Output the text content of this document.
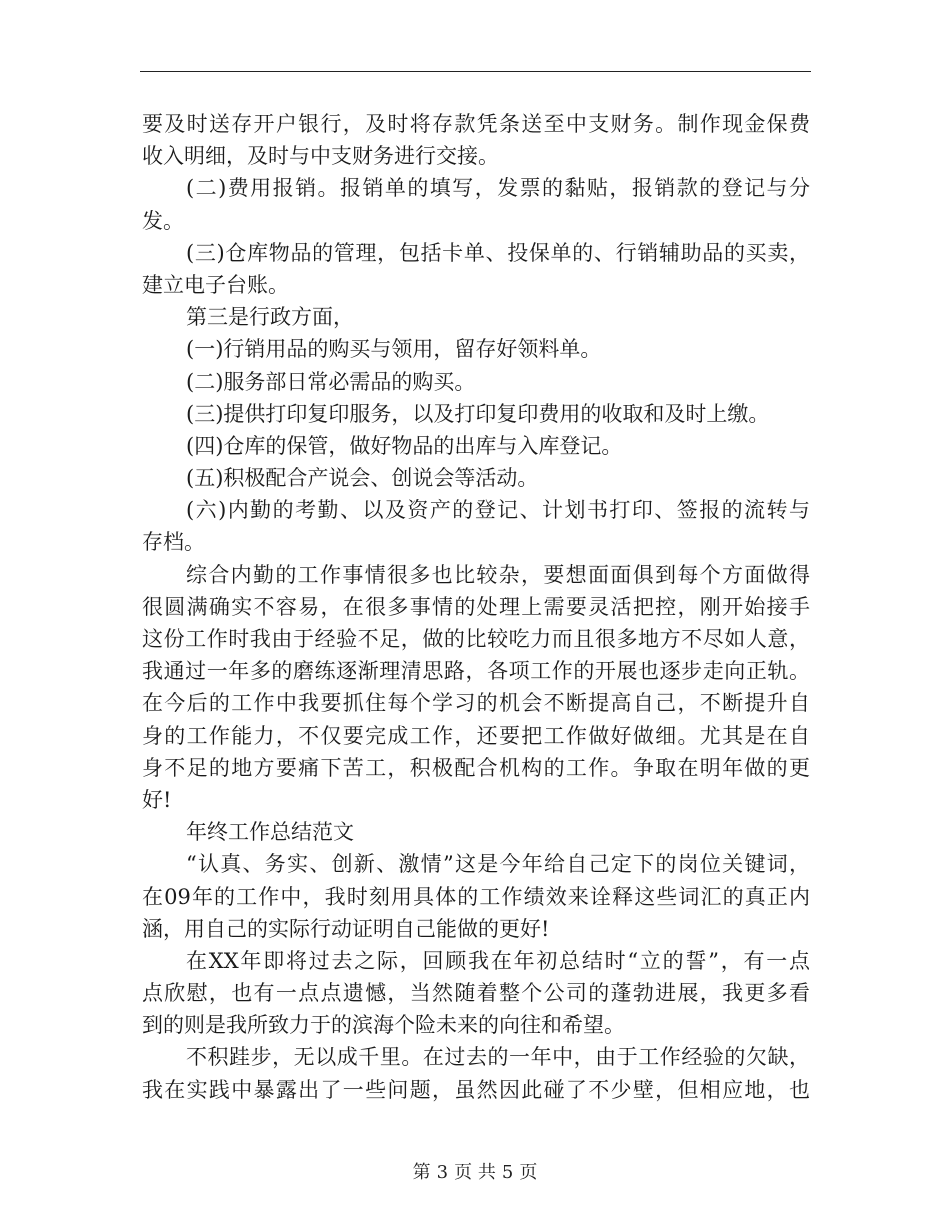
要及时送存开户银行，及时将存款凭条送至中支财务。制作现金保费
收入明细，及时与中支财务进行交接。
(二)费用报销。报销单的填写，发票的黏贴，报销款的登记与分
发。
(三)仓库物品的管理，包括卡单、投保单的、行销辅助品的买卖，
建立电子台账。
第三是行政方面，
(一)行销用品的购买与领用，留存好领料单。
(二)服务部日常必需品的购买。
(三)提供打印复印服务，以及打印复印费用的收取和及时上缴。
(四)仓库的保管，做好物品的出库与入库登记。
(五)积极配合产说会、创说会等活动。
(六)内勤的考勤、以及资产的登记、计划书打印、签报的流转与
存档。
综合内勤的工作事情很多也比较杂，要想面面俱到每个方面做得
很圆满确实不容易，在很多事情的处理上需要灵活把控，刚开始接手
这份工作时我由于经验不足，做的比较吃力而且很多地方不尽如人意，
我通过一年多的磨练逐渐理清思路，各项工作的开展也逐步走向正轨。
在今后的工作中我要抓住每个学习的机会不断提高自己，不断提升自
身的工作能力，不仅要完成工作，还要把工作做好做细。尤其是在自
身不足的地方要痛下苦工，积极配合机构的工作。争取在明年做的更
好!
年终工作总结范文
“认真、务实、创新、激情”这是今年给自己定下的岗位关键词，
在09年的工作中，我时刻用具体的工作绩效来诠释这些词汇的真正内
涵，用自己的实际行动证明自己能做的更好!
在XX年即将过去之际，回顾我在年初总结时“立的誓”，有一点
点欣慰，也有一点点遗憾，当然随着整个公司的蓬勃进展，我更多看
到的则是我所致力于的滨海个险未来的向往和希望。
不积跬步，无以成千里。在过去的一年中，由于工作经验的欠缺，
我在实践中暴露出了一些问题，虽然因此碰了不少壁，但相应地，也
第 3 页 共 5 页
